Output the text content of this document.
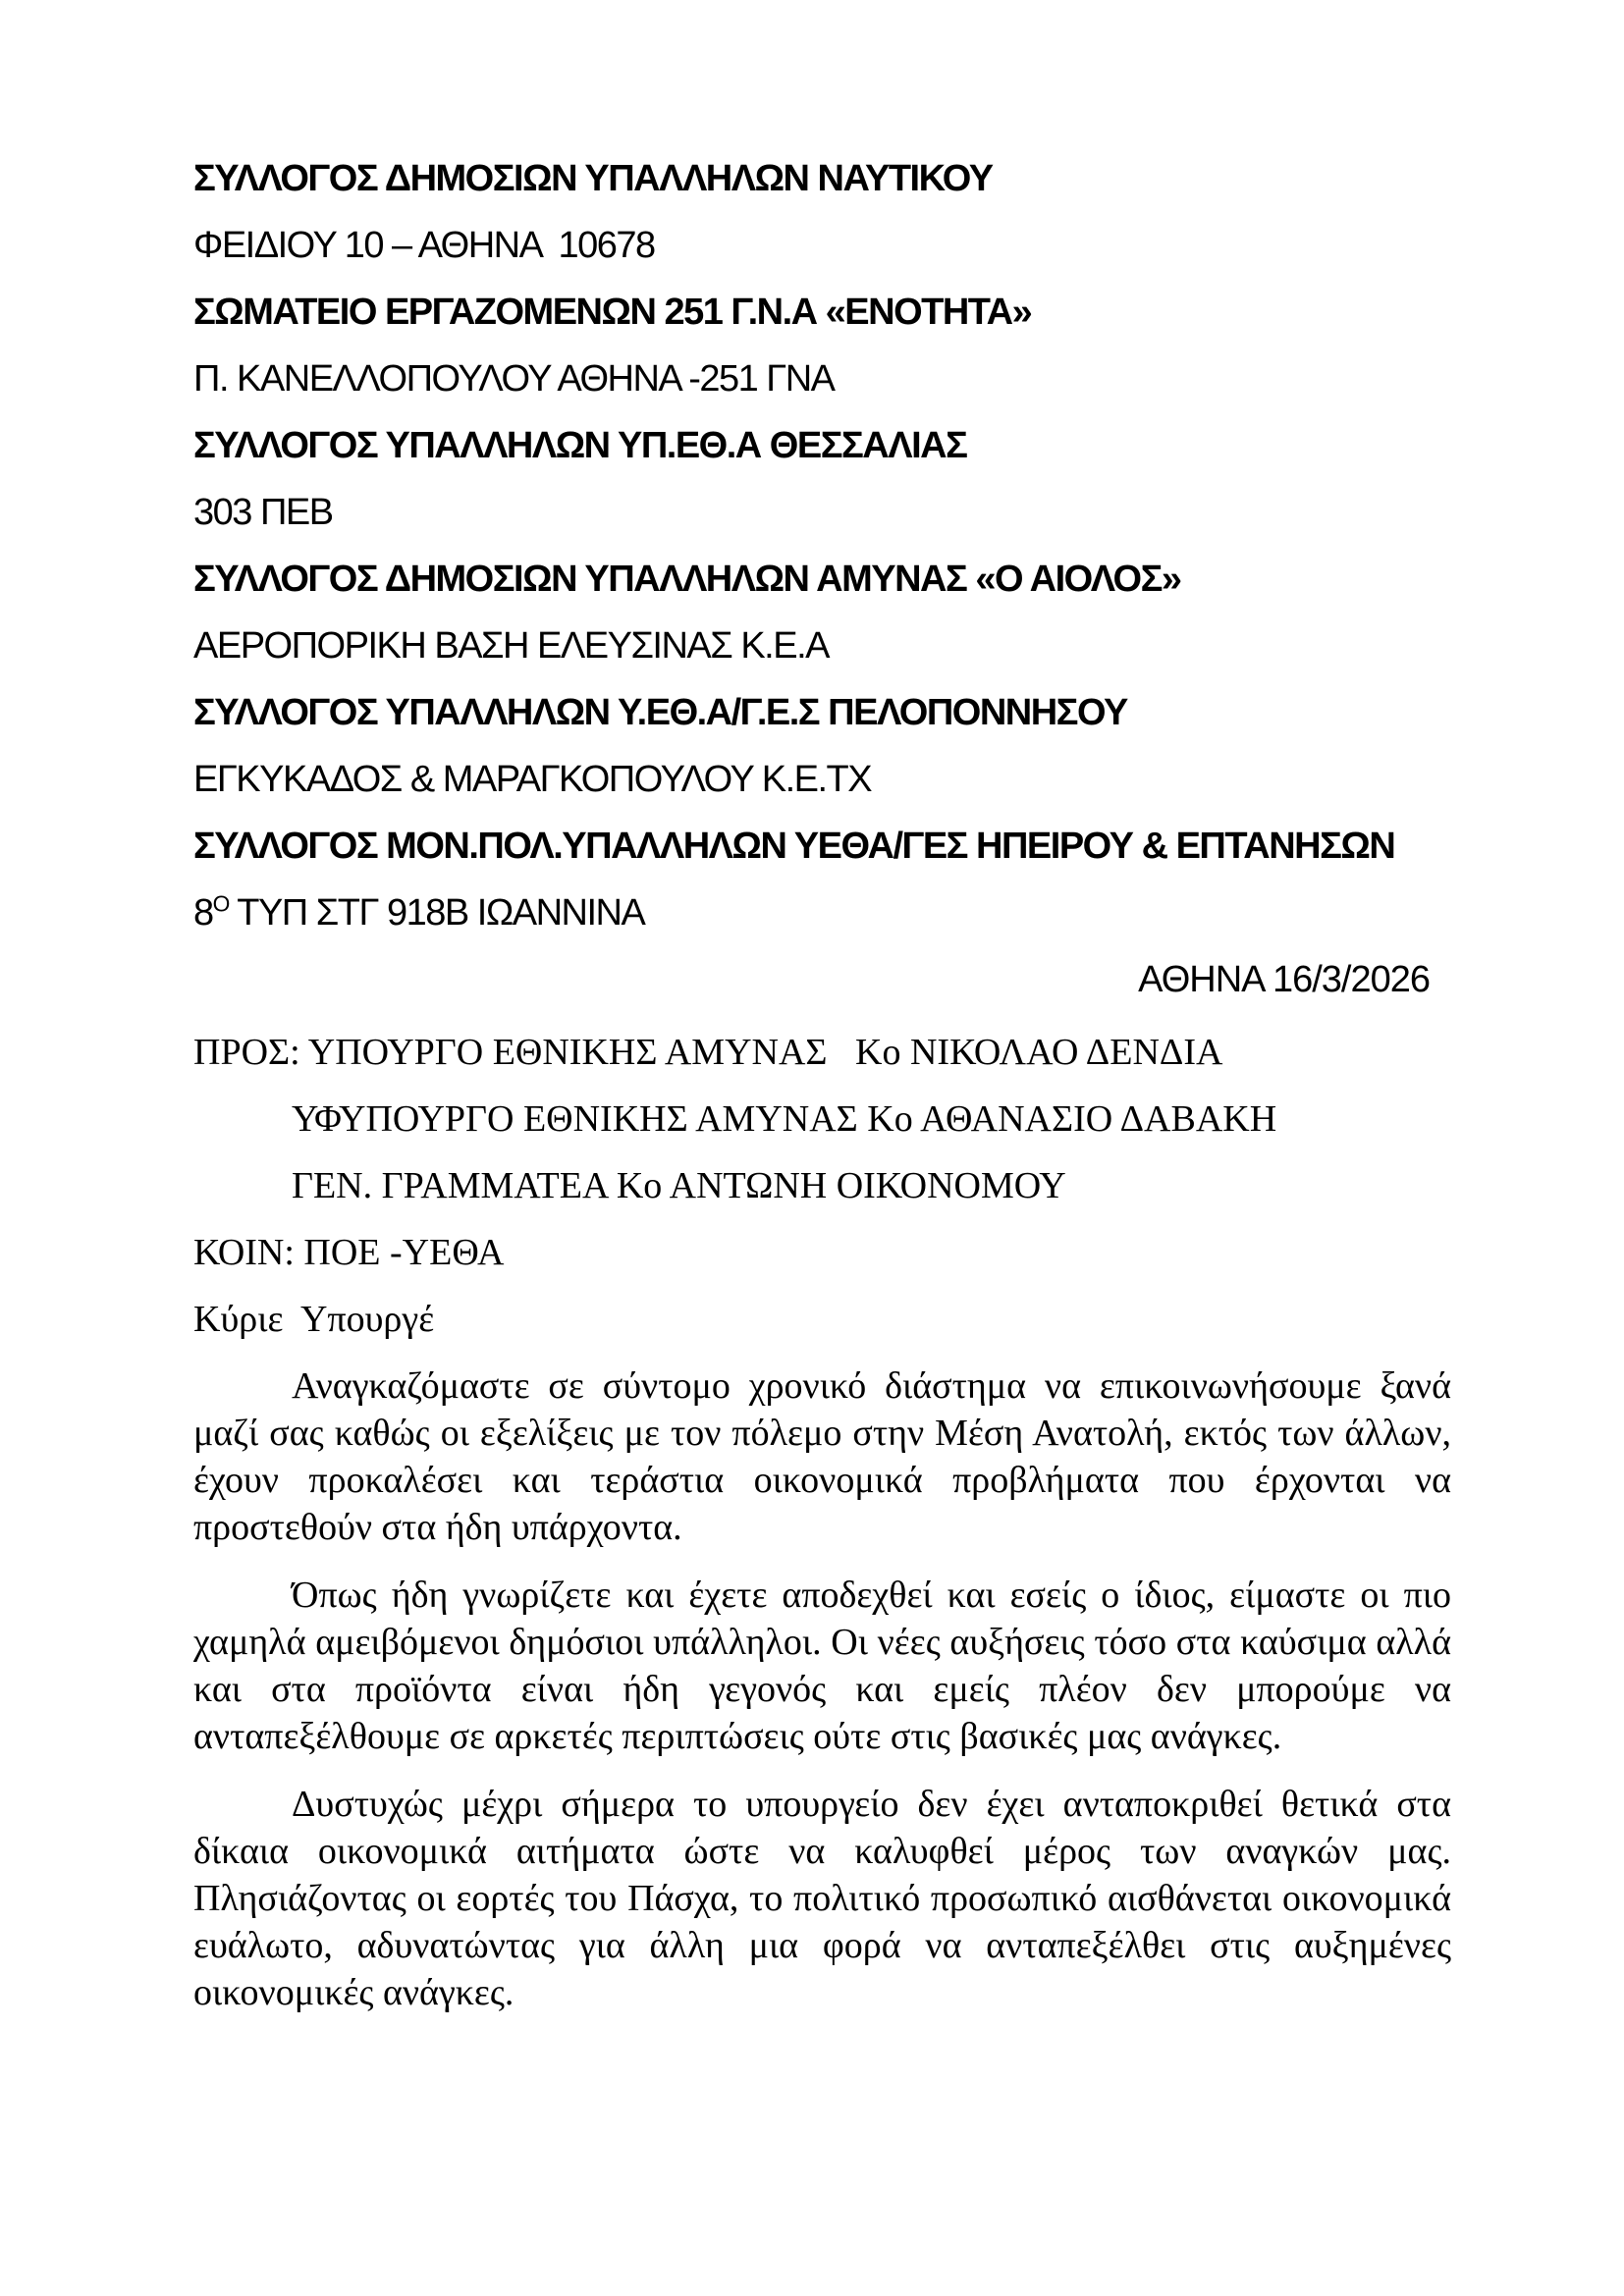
ΣΥΛΛΟΓΟΣ ΔΗΜΟΣΙΩΝ ΥΠΑΛΛΗΛΩΝ ΝΑΥΤΙΚΟΥ

ΦΕΙΔΙΟΥ 10 – ΑΘΗΝΑ  10678

ΣΩΜΑΤΕΙΟ ΕΡΓΑΖΟΜΕΝΩΝ 251 Γ.Ν.Α «ΕΝΟΤΗΤΑ»

Π. ΚΑΝΕΛΛΟΠΟΥΛΟΥ ΑΘΗΝΑ -251 ΓΝΑ

ΣΥΛΛΟΓΟΣ ΥΠΑΛΛΗΛΩΝ ΥΠ.ΕΘ.Α ΘΕΣΣΑΛΙΑΣ

303 ΠΕΒ

ΣΥΛΛΟΓΟΣ ΔΗΜΟΣΙΩΝ ΥΠΑΛΛΗΛΩΝ ΑΜΥΝΑΣ «Ο ΑΙΟΛΟΣ»

ΑΕΡΟΠΟΡΙΚΗ ΒΑΣΗ ΕΛΕΥΣΙΝΑΣ Κ.Ε.Α

ΣΥΛΛΟΓΟΣ ΥΠΑΛΛΗΛΩΝ Υ.ΕΘ.Α/Γ.Ε.Σ ΠΕΛΟΠΟΝΝΗΣΟΥ

ΕΓΚΥΚΑΔΟΣ & ΜΑΡΑΓΚΟΠΟΥΛΟΥ Κ.Ε.ΤΧ

ΣΥΛΛΟΓΟΣ ΜΟΝ.ΠΟΛ.ΥΠΑΛΛΗΛΩΝ ΥΕΘΑ/ΓΕΣ ΗΠΕΙΡΟΥ & ΕΠΤΑΝΗΣΩΝ

$8^O$ ΤΥΠ ΣΤΓ 918Β ΙΩΑΝΝΙΝΑ

ΑΘΗΝΑ 16/3/2026

ΠΡΟΣ: ΥΠΟΥΡΓΟ ΕΘΝΙΚΗΣ ΑΜΥΝΑΣ   Κο ΝΙΚΟΛΑΟ ΔΕΝΔΙΑ

ΥΦΥΠΟΥΡΓΟ ΕΘΝΙΚΗΣ ΑΜΥΝΑΣ Κο ΑΘΑΝΑΣΙΟ ΔΑΒΑΚΗ

ΓΕΝ. ΓΡΑΜΜΑΤΕΑ Κο ΑΝΤΩΝΗ ΟΙΚΟΝΟΜΟΥ

ΚΟΙΝ: ΠΟΕ -ΥΕΘΑ

Κύριε  Υπουργέ

Αναγκαζόμαστε σε σύντομο χρονικό διάστημα να επικοινωνήσουμε ξανά μαζί σας καθώς οι εξελίξεις με τον πόλεμο στην Μέση Ανατολή, εκτός των άλλων, έχουν προκαλέσει και τεράστια οικονομικά προβλήματα που έρχονται να προστεθούν στα ήδη υπάρχοντα.

Όπως ήδη γνωρίζετε και έχετε αποδεχθεί και εσείς ο ίδιος, είμαστε οι πιο χαμηλά αμειβόμενοι δημόσιοι υπάλληλοι. Οι νέες αυξήσεις τόσο στα καύσιμα αλλά και στα προϊόντα είναι ήδη γεγονός και εμείς πλέον δεν μπορούμε να ανταπεξέλθουμε σε αρκετές περιπτώσεις ούτε στις βασικές μας ανάγκες.

Δυστυχώς μέχρι σήμερα το υπουργείο δεν έχει ανταποκριθεί θετικά στα δίκαια οικονομικά αιτήματα ώστε να καλυφθεί μέρος των αναγκών μας. Πλησιάζοντας οι εορτές του Πάσχα, το πολιτικό προσωπικό αισθάνεται οικονομικά ευάλωτο, αδυνατώντας για άλλη μια φορά να ανταπεξέλθει στις αυξημένες οικονομικές ανάγκες.
